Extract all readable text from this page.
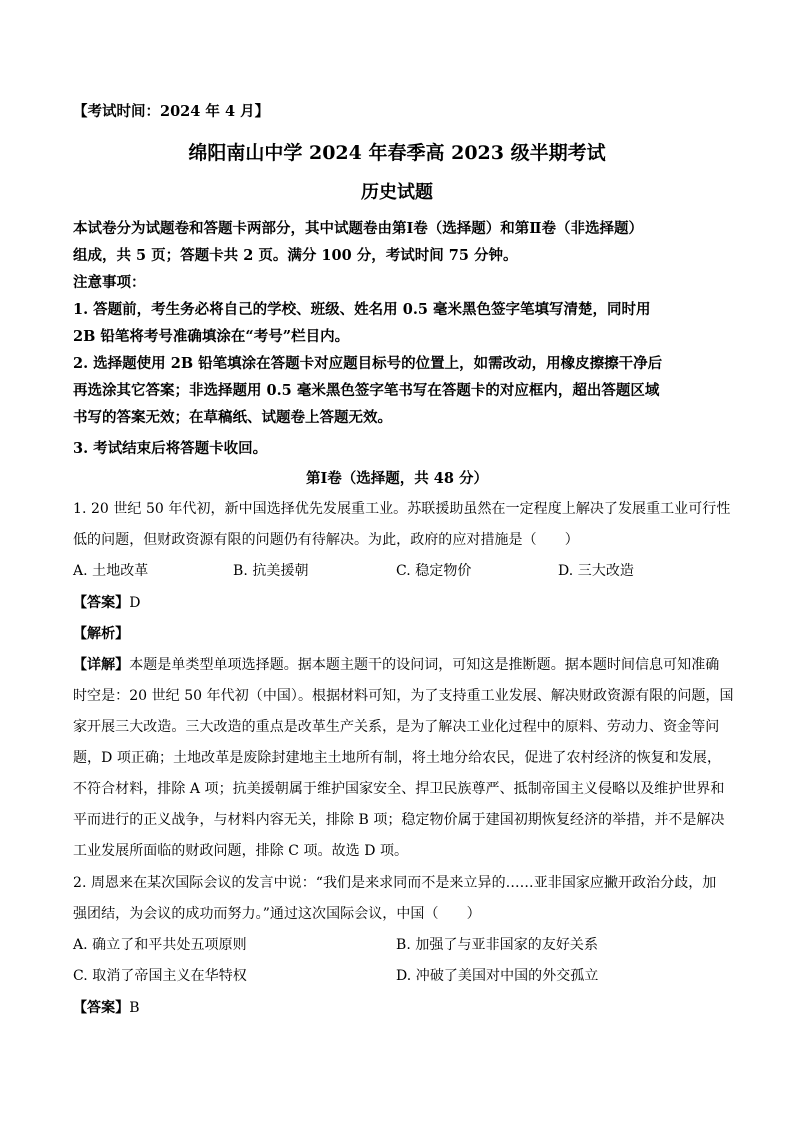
【考试时间：2024 年 4 月】
绵阳南山中学 2024 年春季高 2023 级半期考试
历史试题
本试卷分为试题卷和答题卡两部分，其中试题卷由第Ⅰ卷（选择题）和第Ⅱ卷（非选择题）
组成，共 5 页；答题卡共 2 页。满分 100 分，考试时间 75 分钟。
注意事项：
1. 答题前，考生务必将自己的学校、班级、姓名用 0.5 毫米黑色签字笔填写清楚，同时用
2B 铅笔将考号准确填涂在“考号”栏目内。
2. 选择题使用 2B 铅笔填涂在答题卡对应题目标号的位置上，如需改动，用橡皮擦擦干净后
再选涂其它答案；非选择题用 0.5 毫米黑色签字笔书写在答题卡的对应框内，超出答题区域
书写的答案无效；在草稿纸、试题卷上答题无效。
3. 考试结束后将答题卡收回。
第Ⅰ卷（选择题，共 48 分）
1. 20 世纪 50 年代初，新中国选择优先发展重工业。苏联援助虽然在一定程度上解决了发展重工业可行性
低的问题，但财政资源有限的问题仍有待解决。为此，政府的应对措施是（　　）
A. 土地改革	B. 抗美援朝	C. 稳定物价	D. 三大改造
【答案】D
【解析】
【详解】本题是单类型单项选择题。据本题主题干的设问词，可知这是推断题。据本题时间信息可知准确
时空是：20 世纪 50 年代初（中国）。根据材料可知，为了支持重工业发展、解决财政资源有限的问题，国
家开展三大改造。三大改造的重点是改革生产关系，是为了解决工业化过程中的原料、劳动力、资金等问
题，D 项正确；土地改革是废除封建地主土地所有制，将土地分给农民，促进了农村经济的恢复和发展，
不符合材料，排除 A 项；抗美援朝属于维护国家安全、捍卫民族尊严、抵制帝国主义侵略以及维护世界和
平而进行的正义战争，与材料内容无关，排除 B 项；稳定物价属于建国初期恢复经济的举措，并不是解决
工业发展所面临的财政问题，排除 C 项。故选 D 项。
2. 周恩来在某次国际会议的发言中说：“我们是来求同而不是来立异的……亚非国家应撇开政治分歧，加
强团结，为会议的成功而努力。”通过这次国际会议，中国（　　）
A. 确立了和平共处五项原则	B. 加强了与亚非国家的友好关系
C. 取消了帝国主义在华特权	D. 冲破了美国对中国的外交孤立
【答案】B
